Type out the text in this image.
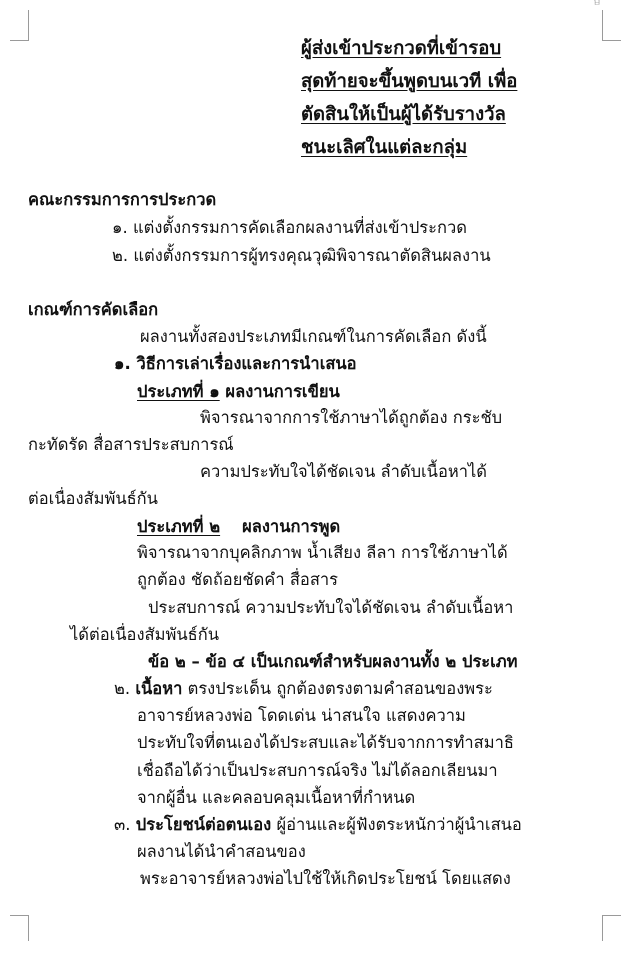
ㅂ
ผู้ส่งเข้าประกวดที่เข้ารอบ
สุดท้ายจะขึ้นพูดบนเวที เพื่อ
ตัดสินให้เป็นผู้ได้รับรางวัล
ชนะเลิศในแต่ละกลุ่ม
คณะกรรมการการประกวด
๑. แต่งตั้งกรรมการคัดเลือกผลงานที่ส่งเข้าประกวด
๒. แต่งตั้งกรรมการผู้ทรงคุณวุฒิพิจารณาตัดสินผลงาน
เกณฑ์การคัดเลือก
ผลงานทั้งสองประเภทมีเกณฑ์ในการคัดเลือก ดังนี้
๑. วิธีการเล่าเรื่องและการนำเสนอ
ประเภทที่ ๑ ผลงานการเขียน
พิจารณาจากการใช้ภาษาได้ถูกต้อง กระชับ
กะทัดรัด สื่อสารประสบการณ์
ความประทับใจได้ชัดเจน ลำดับเนื้อหาได้
ต่อเนื่องสัมพันธ์กัน
ประเภทที่ ๒ ผลงานการพูด
พิจารณาจากบุคลิกภาพ น้ำเสียง ลีลา การใช้ภาษาได้
ถูกต้อง ชัดถ้อยชัดคำ สื่อสาร
ประสบการณ์ ความประทับใจได้ชัดเจน ลำดับเนื้อหา
ได้ต่อเนื่องสัมพันธ์กัน
ข้อ ๒ – ข้อ ๔ เป็นเกณฑ์สำหรับผลงานทั้ง ๒ ประเภท
๒. เนื้อหา ตรงประเด็น ถูกต้องตรงตามคำสอนของพระ
อาจารย์หลวงพ่อ โดดเด่น น่าสนใจ แสดงความ
ประทับใจที่ตนเองได้ประสบและได้รับจากการทำสมาธิ
เชื่อถือได้ว่าเป็นประสบการณ์จริง ไม่ได้ลอกเลียนมา
จากผู้อื่น และคลอบคลุมเนื้อหาที่กำหนด
๓. ประโยชน์ต่อตนเอง ผู้อ่านและผู้ฟังตระหนักว่าผู้นำเสนอ
ผลงานได้นำคำสอนของ
พระอาจารย์หลวงพ่อไปใช้ให้เกิดประโยชน์ โดยแสดง
